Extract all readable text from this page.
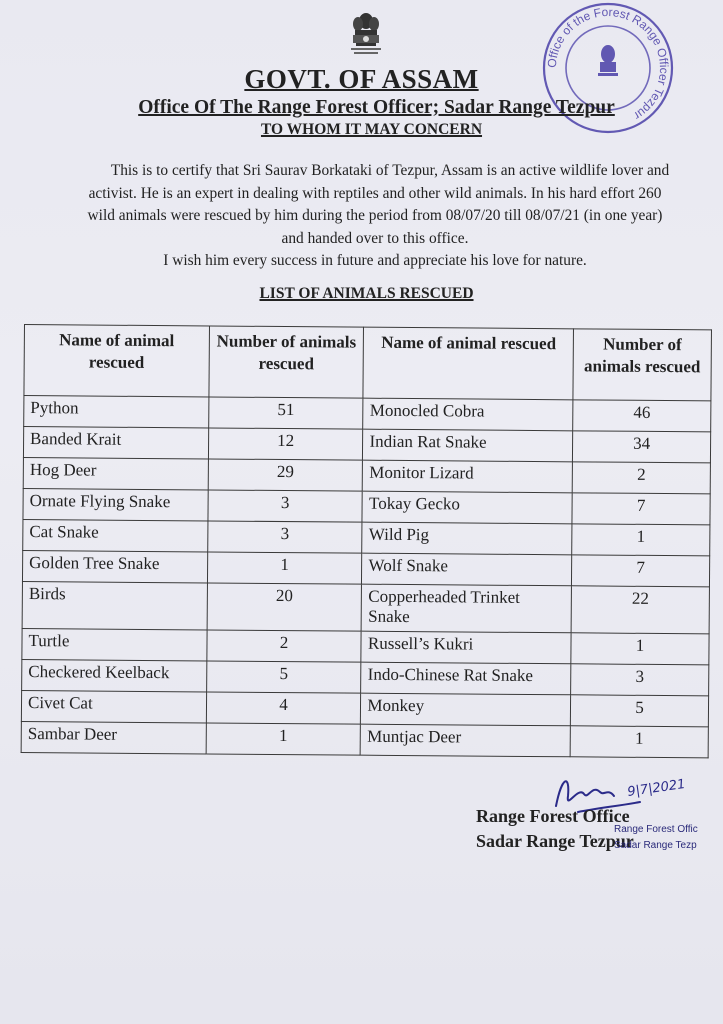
Office of the Forest Range Officer Tezpur
GOVT. OF ASSAM
Office Of The Range Forest Officer; Sadar Range Tezpur
TO WHOM IT MAY CONCERN

This is to certify that Sri Saurav Borkataki of Tezpur, Assam is an active wildlife lover and activist. He is an expert in dealing with reptiles and other wild animals. In his hard effort 260 wild animals were rescued by him during the period from 08/07/20 till 08/07/21 (in one year) and handed over to this office.
I wish him every success in future and appreciate his love for nature.

LIST OF ANIMALS RESCUED

Name of animal rescued	Number of animals rescued	Name of animal rescued	Number of animals rescued
Python	51	Monocled Cobra	46
Banded Krait	12	Indian Rat Snake	34
Hog Deer	29	Monitor Lizard	2
Ornate Flying Snake	3	Tokay Gecko	7
Cat Snake	3	Wild Pig	1
Golden Tree Snake	1	Wolf Snake	7
Birds	20	Copperheaded Trinket Snake	22
Turtle	2	Russell’s Kukri	1
Checkered Keelback	5	Indo-Chinese Rat Snake	3
Civet Cat	4	Monkey	5
Sambar Deer	1	Muntjac Deer	1
9|7|2021

Range Forest Office

Sadar Range Tezpur

Range Forest Offic
Sadar Range Tezp
